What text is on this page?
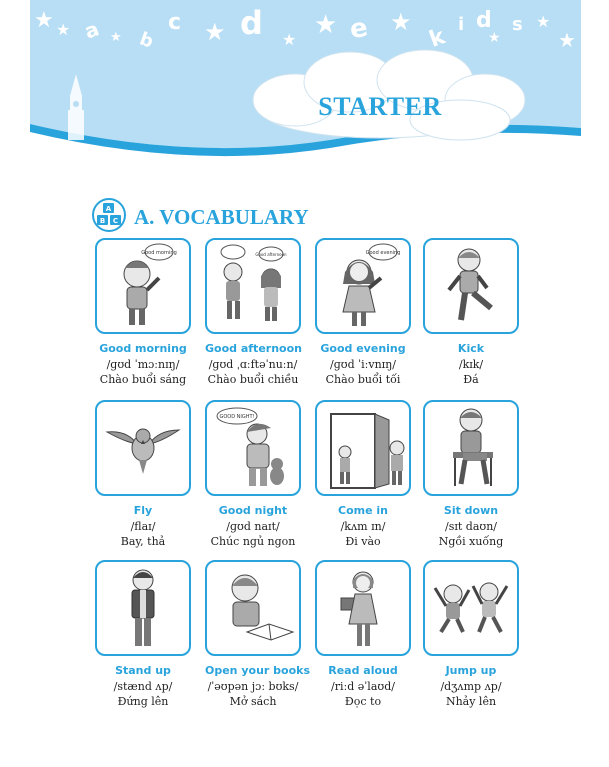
★ ★ a ★ b
c ★ d ★ ★ e ★
k i d
★
s ★
★
STARTER
A
B C A. VOCABULARY
Good morning
Good morning
/ɡʊd ˈmɔːnɪŋ/
Chào buổi sáng
Good afternoon
Good afternoon
/ɡʊd ˌɑːftəˈnuːn/
Chào buổi chiều
Good evening
Good evening
/ɡʊd ˈiːvnɪŋ/
Chào buổi tối
Kick
/kɪk/
Đá
Fly
/flaɪ/
Bay, thả
GOOD NIGHT!
Good night
/ɡʊd naɪt/
Chúc ngủ ngon
Come in
/kʌm ɪn/
Đi vào
Sit down
/sɪt daʊn/
Ngồi xuống
Stand up
/stænd ʌp/
Đứng lên
Open your books
/ˈəʊpən jɔː bʊks/
Mở sách
Read aloud
/riːd əˈlaʊd/
Đọc to
Jump up
/dʒʌmp ʌp/
Nhảy lên
